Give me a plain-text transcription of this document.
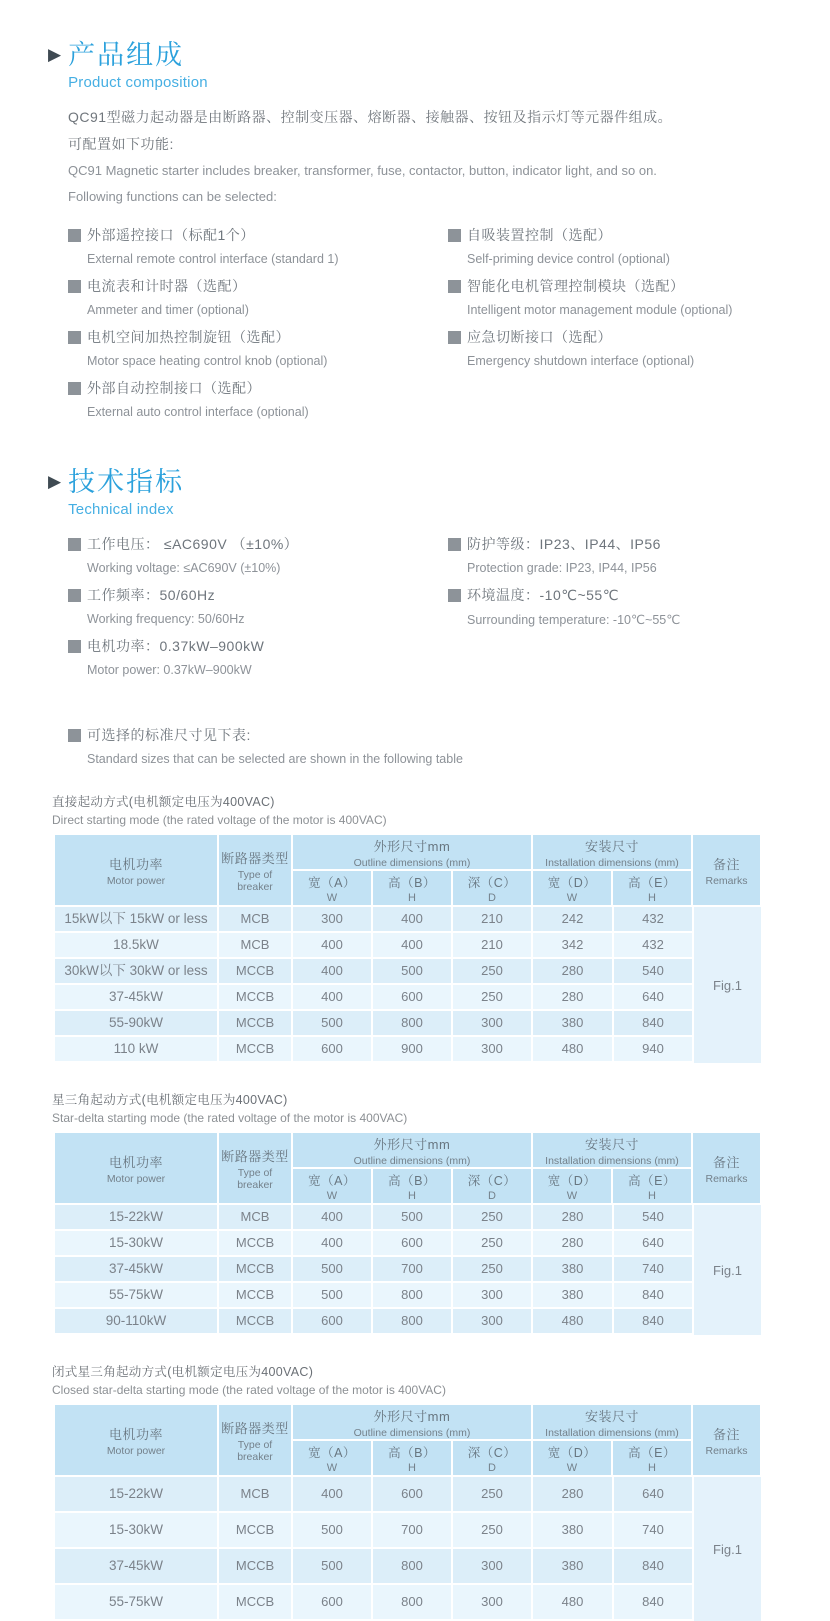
▶ 产品组成
Product composition
QC91型磁力起动器是由断路器、控制变压器、熔断器、接触器、按钮及指示灯等元器件组成。
可配置如下功能:
QC91 Magnetic starter includes breaker, transformer, fuse, contactor, button, indicator light, and so on.
Following functions can be selected:
外部遥控接口（标配1个）
External remote control interface (standard 1)
电流表和计时器（选配）
Ammeter and timer (optional)
电机空间加热控制旋钮（选配）
Motor space heating control knob (optional)
外部自动控制接口（选配）
External auto control interface (optional)
自吸装置控制（选配）
Self-priming device control (optional)
智能化电机管理控制模块（选配）
Intelligent motor management module (optional)
应急切断接口（选配）
Emergency shutdown interface (optional)
▶ 技术指标
Technical index
工作电压： ≤AC690V （±10%）
Working voltage: ≤AC690V (±10%)
工作频率：50/60Hz
Working frequency: 50/60Hz
电机功率：0.37kW–900kW
Motor power: 0.37kW–900kW
防护等级：IP23、IP44、IP56
Protection grade: IP23, IP44, IP56
环境温度：-10℃~55℃
Surrounding temperature: -10℃~55℃
可选择的标准尺寸见下表:
Standard sizes that can be selected are shown in the following table
直接起动方式(电机额定电压为400VAC)
Direct starting mode (the rated voltage of the motor is 400VAC)
电机功率
Motor power
断路器类型
Type of breaker
外形尺寸mm
Outline dimensions (mm)
宽（A）
W
高（B）
H
深（C）
D
安装尺寸
Installation dimensions (mm)
宽（D）
W
高（E）
H
备注
Remarks
15kW以下 15kW or less	MCB	300	400	210	242	432
18.5kW	MCB	400	400	210	342	432
30kW以下 30kW or less	MCCB	400	500	250	280	540
37-45kW	MCCB	400	600	250	280	640
55-90kW	MCCB	500	800	300	380	840
110 kW	MCCB	600	900	300	480	940
Fig.1
星三角起动方式(电机额定电压为400VAC)
Star-delta starting mode (the rated voltage of the motor is 400VAC)
电机功率
Motor power
断路器类型
Type of breaker
外形尺寸mm
Outline dimensions (mm)
宽（A）
W
高（B）
H
深（C）
D
安装尺寸
Installation dimensions (mm)
宽（D）
W
高（E）
H
备注
Remarks
15-22kW	MCB	400	500	250	280	540
15-30kW	MCCB	400	600	250	280	640
37-45kW	MCCB	500	700	250	380	740
55-75kW	MCCB	500	800	300	380	840
90-110kW	MCCB	600	800	300	480	840
Fig.1
闭式星三角起动方式(电机额定电压为400VAC)
Closed star-delta starting mode (the rated voltage of the motor is 400VAC)
电机功率
Motor power
断路器类型
Type of breaker
外形尺寸mm
Outline dimensions (mm)
宽（A）
W
高（B）
H
深（C）
D
安装尺寸
Installation dimensions (mm)
宽（D）
W
高（E）
H
备注
Remarks
15-22kW	MCB	400	600	250	280	640
15-30kW	MCCB	500	700	250	380	740
37-45kW	MCCB	500	800	300	380	840
55-75kW	MCCB	600	800	300	480	840
Fig.1
